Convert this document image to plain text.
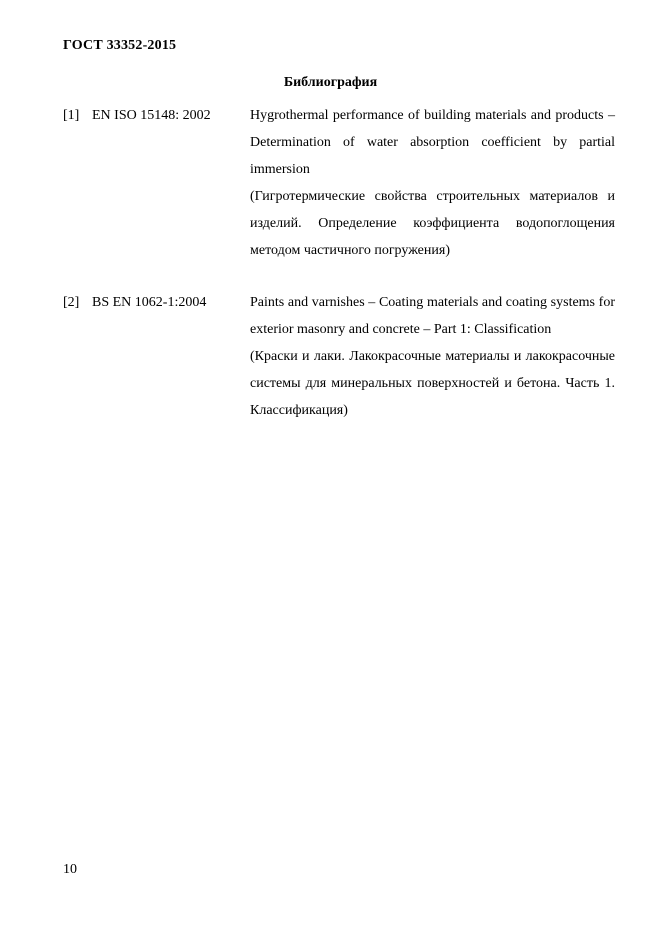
ГОСТ 33352-2015
Библиография
[1] EN ISO 15148: 2002	Hygrothermal performance of building materials and products – Determination of water absorption coefficient by partial immersion

(Гигротермические свойства строительных материалов и изделий. Определение коэффициента водопоглощения методом частичного погружения)

[2] BS EN 1062-1:2004	Paints and varnishes – Coating materials and coating systems for exterior masonry and concrete – Part 1: Classification

(Краски и лаки. Лакокрасочные материалы и лакокрасочные системы для минеральных поверхностей и бетона. Часть 1. Классификация)

10
